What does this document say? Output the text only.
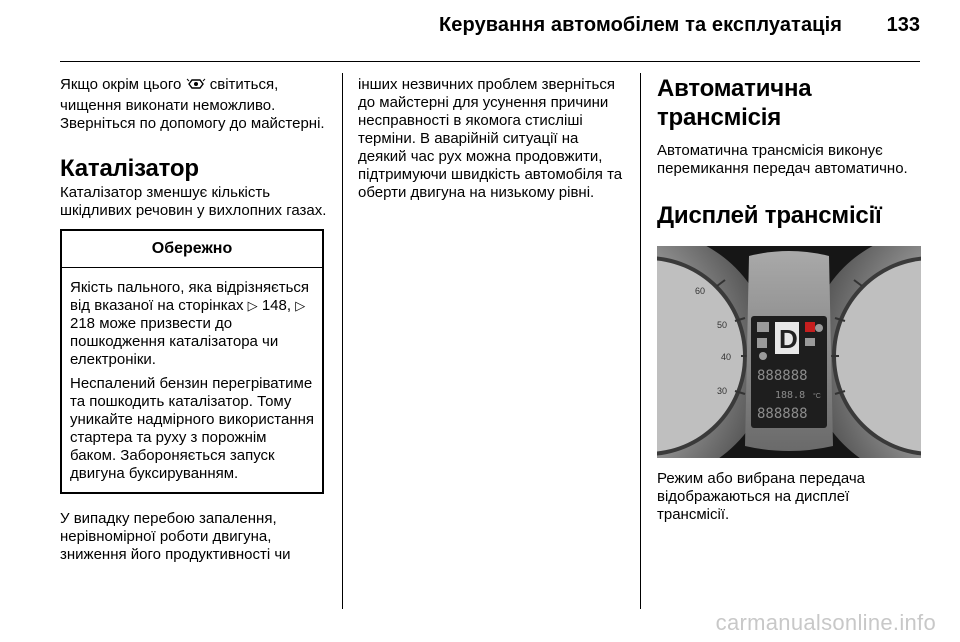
Керування автомобілем та експлуатація 133

Якщо окрім цього світиться, чищення виконати неможливо. Зверніться по допомогу до майстерні.

Каталізатор

Каталізатор зменшує кількість шкідливих речовин у вихлопних газах.

Обережно

Якість пального, яка відрізняється від вказаної на сторінках ▷ 148, ▷ 218 може призвести до пошкодження каталізатора чи електроніки.

Неспалений бензин перегріватиме та пошкодить каталізатор. Тому уникайте надмірного використання стартера та руху з порожнім баком. Забороняється запуск двигуна буксируванням.

У випадку перебою запалення, нерівномірної роботи двигуна, зниження його продуктивності чи

інших незвичних проблем зверніться до майстерні для усунення причини несправності в якомога стисліші терміни. В аварійній ситуації на деякий час рух можна продовжити, підтримуючи швидкість автомобіля та оберти двигуна на низькому рівні.

Автоматична
трансмісія

Автоматична трансмісія виконує перемикання передач автоматично.

Дисплей трансмісії
60
50
40
30
D
888888
188.8 °C
888888

Режим або вибрана передача відображаються на дисплеї трансмісії.

carmanualsonline.info
